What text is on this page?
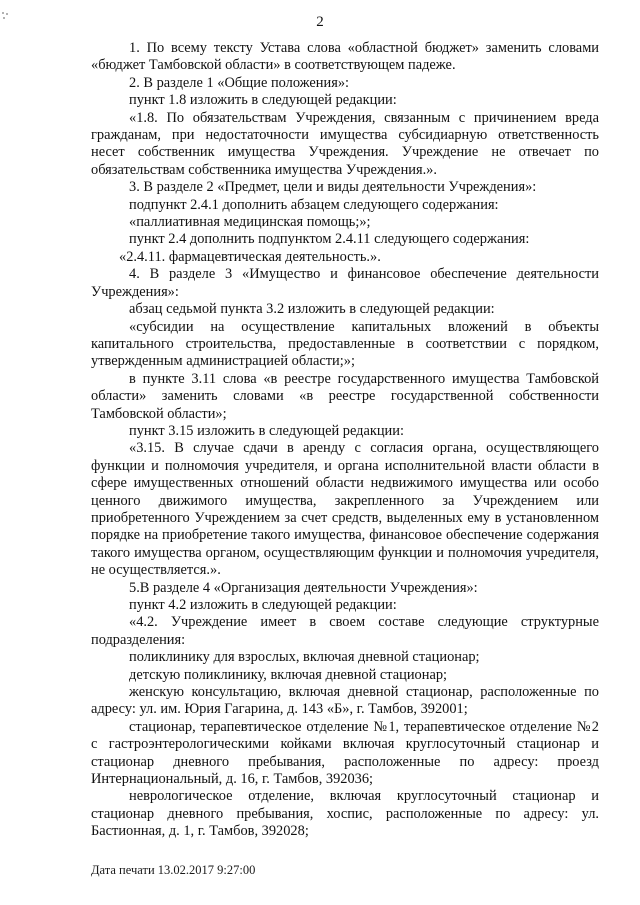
2

1. По всему тексту Устава слова «областной бюджет» заменить словами «бюджет Тамбовской области» в соответствующем падеже.

2. В разделе 1 «Общие положения»:

пункт 1.8 изложить в следующей редакции:

«1.8. По обязательствам Учреждения, связанным с причинением вреда гражданам, при недостаточности имущества субсидиарную ответственность несет собственник имущества Учреждения. Учреждение не отвечает по обязательствам собственника имущества Учреждения.».

3. В разделе 2 «Предмет, цели и виды деятельности Учреждения»:

подпункт 2.4.1 дополнить абзацем следующего содержания:

«паллиативная медицинская помощь;»;

пункт 2.4 дополнить подпунктом 2.4.11 следующего содержания:

«2.4.11. фармацевтическая деятельность.».

4. В разделе 3 «Имущество и финансовое обеспечение деятельности Учреждения»:

абзац седьмой пункта 3.2 изложить в следующей редакции:

«субсидии на осуществление капитальных вложений в объекты капитального строительства, предоставленные в соответствии с порядком, утвержденным администрацией области;»;

в пункте 3.11 слова «в реестре государственного имущества Тамбовской области» заменить словами «в реестре государственной собственности Тамбовской области»;

пункт 3.15 изложить в следующей редакции:

«3.15. В случае сдачи в аренду с согласия органа, осуществляющего функции и полномочия учредителя, и органа исполнительной власти области в сфере имущественных отношений области недвижимого имущества или особо ценного движимого имущества, закрепленного за Учреждением или приобретенного Учреждением за счет средств, выделенных ему в установленном порядке на приобретение такого имущества, финансовое обеспечение содержания такого имущества органом, осуществляющим функции и полномочия учредителя, не осуществляется.».

5.В разделе 4 «Организация деятельности Учреждения»:

пункт 4.2 изложить в следующей редакции:

«4.2. Учреждение имеет в своем составе следующие структурные подразделения:

поликлинику для взрослых, включая дневной стационар;

детскую поликлинику, включая дневной стационар;

женскую консультацию, включая дневной стационар, расположенные по адресу: ул. им. Юрия Гагарина, д. 143 «Б», г. Тамбов, 392001;

стационар, терапевтическое отделение №1, терапевтическое отделение №2 с гастроэнтерологическими койками включая круглосуточный стационар и стационар дневного пребывания, расположенные по адресу: проезд Интернациональный, д. 16, г. Тамбов, 392036;

неврологическое отделение, включая круглосуточный стационар и стационар дневного пребывания, хоспис, расположенные по адресу: ул. Бастионная, д. 1, г. Тамбов, 392028;

Дата печати 13.02.2017 9:27:00
